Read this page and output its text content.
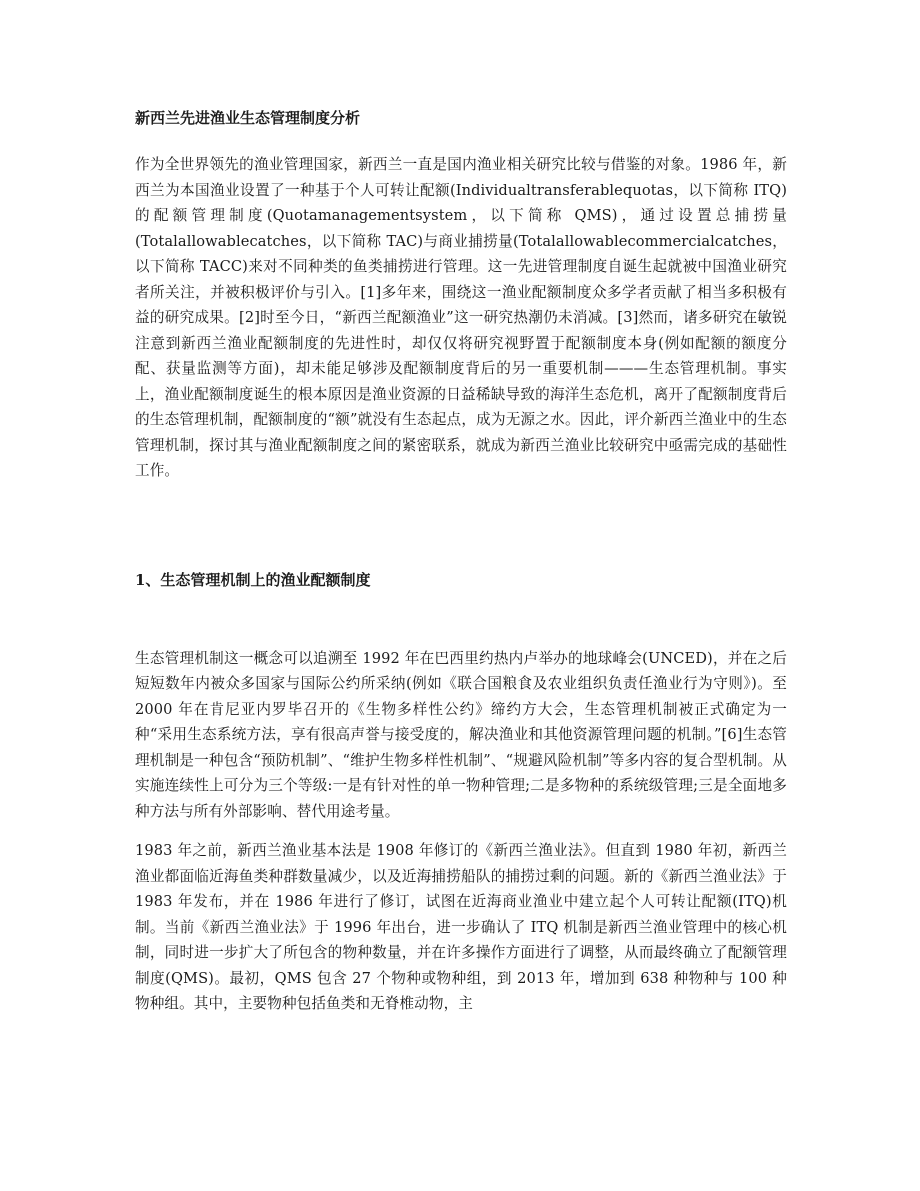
新西兰先进渔业生态管理制度分析

作为全世界领先的渔业管理国家，新西兰一直是国内渔业相关研究比较与借鉴的对象。1986 年，新西兰为本国渔业设置了一种基于个人可转让配额(Individualtransferablequotas，以下简称 ITQ)的配额管理制度(Quotamanagementsystem，以下简称 QMS)，通过设置总捕捞量(Totalallowablecatches，以下简称 TAC)与商业捕捞量(Totalallowablecommercialcatches，以下简称 TACC)来对不同种类的鱼类捕捞进行管理。这一先进管理制度自诞生起就被中国渔业研究者所关注，并被积极评价与引入。[1]多年来，围绕这一渔业配额制度众多学者贡献了相当多积极有益的研究成果。[2]时至今日，“新西兰配额渔业”这一研究热潮仍未消减。[3]然而，诸多研究在敏锐注意到新西兰渔业配额制度的先进性时，却仅仅将研究视野置于配额制度本身(例如配额的额度分配、获量监测等方面)，却未能足够涉及配额制度背后的另一重要机制———生态管理机制。事实上，渔业配额制度诞生的根本原因是渔业资源的日益稀缺导致的海洋生态危机，离开了配额制度背后的生态管理机制，配额制度的“额”就没有生态起点，成为无源之水。因此，评介新西兰渔业中的生态管理机制，探讨其与渔业配额制度之间的紧密联系，就成为新西兰渔业比较研究中亟需完成的基础性工作。

1、生态管理机制上的渔业配额制度

生态管理机制这一概念可以追溯至 1992 年在巴西里约热内卢举办的地球峰会(UNCED)，并在之后短短数年内被众多国家与国际公约所采纳(例如《联合国粮食及农业组织负责任渔业行为守则》)。至 2000 年在肯尼亚内罗毕召开的《生物多样性公约》缔约方大会，生态管理机制被正式确定为一种“采用生态系统方法，享有很高声誉与接受度的，解决渔业和其他资源管理问题的机制。”[6]生态管理机制是一种包含“预防机制”、“维护生物多样性机制”、“规避风险机制”等多内容的复合型机制。从实施连续性上可分为三个等级:一是有针对性的单一物种管理;二是多物种的系统级管理;三是全面地多种方法与所有外部影响、替代用途考量。

1983 年之前，新西兰渔业基本法是 1908 年修订的《新西兰渔业法》。但直到 1980 年初，新西兰渔业都面临近海鱼类种群数量减少，以及近海捕捞船队的捕捞过剩的问题。新的《新西兰渔业法》于 1983 年发布，并在 1986 年进行了修订，试图在近海商业渔业中建立起个人可转让配额(ITQ)机制。当前《新西兰渔业法》于 1996 年出台，进一步确认了 ITQ 机制是新西兰渔业管理中的核心机制，同时进一步扩大了所包含的物种数量，并在许多操作方面进行了调整，从而最终确立了配额管理制度(QMS)。最初，QMS 包含 27 个物种或物种组，到 2013 年，增加到 638 种物种与 100 种物种组。其中，主要物种包括鱼类和无脊椎动物，主
